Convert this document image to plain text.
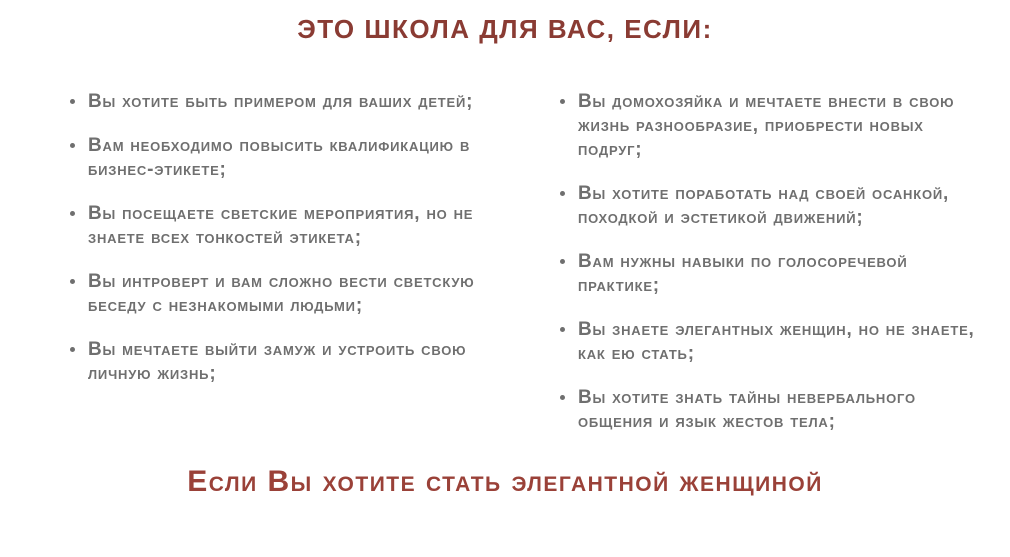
ЭТО ШКОЛА ДЛЯ ВАС, ЕСЛИ:
Вы хотите быть примером для ваших детей;
Вам необходимо повысить квалификацию в бизнес-этикете;
Вы посещаете светские мероприятия, но не знаете всех тонкостей этикета;
Вы интроверт и вам сложно вести светскую беседу с незнакомыми людьми;
Вы мечтаете выйти замуж и устроить свою личную жизнь;
Вы домохозяйка и мечтаете внести в свою жизнь разнообразие, приобрести новых подруг;
Вы хотите поработать над своей осанкой, походкой и эстетикой движений;
Вам нужны навыки по голосоречевой практике;
Вы знаете элегантных женщин, но не знаете, как ею стать;
Вы хотите знать тайны невербального общения и язык жестов тела;
Если Вы хотите стать элегантной женщиной
